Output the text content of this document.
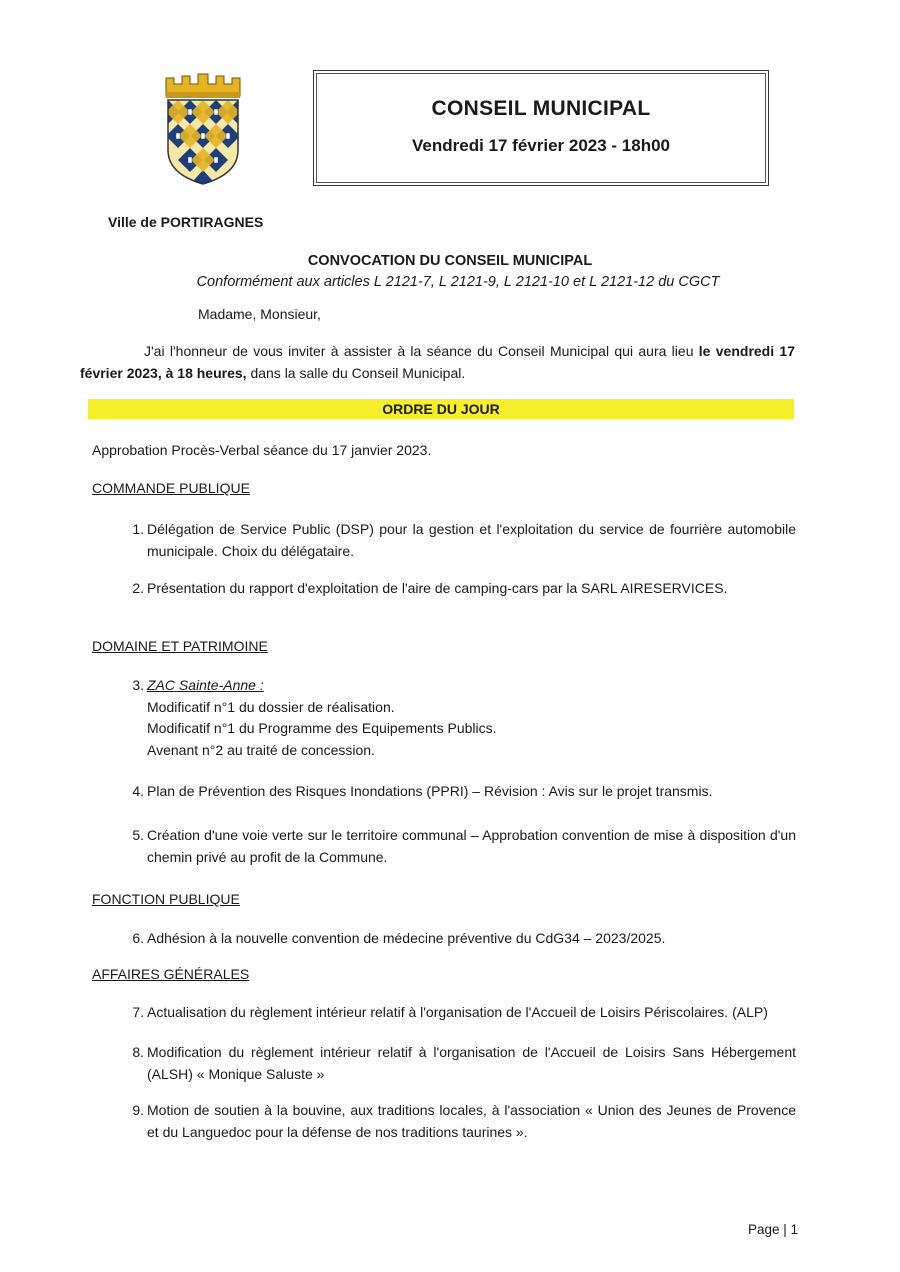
CONSEIL MUNICIPAL
Vendredi 17 février 2023 - 18h00
Ville de PORTIRAGNES
CONVOCATION DU CONSEIL MUNICIPAL
Conformément aux articles L 2121-7, L 2121-9, L 2121-10 et L 2121-12 du CGCT
Madame, Monsieur,
J'ai l'honneur de vous inviter à assister à la séance du Conseil Municipal qui aura lieu le vendredi 17 février 2023, à 18 heures, dans la salle du Conseil Municipal.
ORDRE DU JOUR
Approbation Procès-Verbal séance du 17 janvier 2023.
COMMANDE PUBLIQUE
1. Délégation de Service Public (DSP) pour la gestion et l'exploitation du service de fourrière automobile municipale. Choix du délégataire.
2. Présentation du rapport d'exploitation de l'aire de camping-cars par la SARL AIRESERVICES.
DOMAINE ET PATRIMOINE
3. ZAC Sainte-Anne :
Modificatif n°1 du dossier de réalisation.
Modificatif n°1 du Programme des Equipements Publics.
Avenant n°2 au traité de concession.
4. Plan de Prévention des Risques Inondations (PPRI) – Révision : Avis sur le projet transmis.
5. Création d'une voie verte sur le territoire communal – Approbation convention de mise à disposition d'un chemin privé au profit de la Commune.
FONCTION PUBLIQUE
6. Adhésion à la nouvelle convention de médecine préventive du CdG34 – 2023/2025.
AFFAIRES GÉNÉRALES
7. Actualisation du règlement intérieur relatif à l'organisation de l'Accueil de Loisirs Périscolaires. (ALP)
8. Modification du règlement intérieur relatif à l'organisation de l'Accueil de Loisirs Sans Hébergement (ALSH) « Monique Saluste »
9. Motion de soutien à la bouvine, aux traditions locales, à l'association « Union des Jeunes de Provence et du Languedoc pour la défense de nos traditions taurines ».
Page | 1
